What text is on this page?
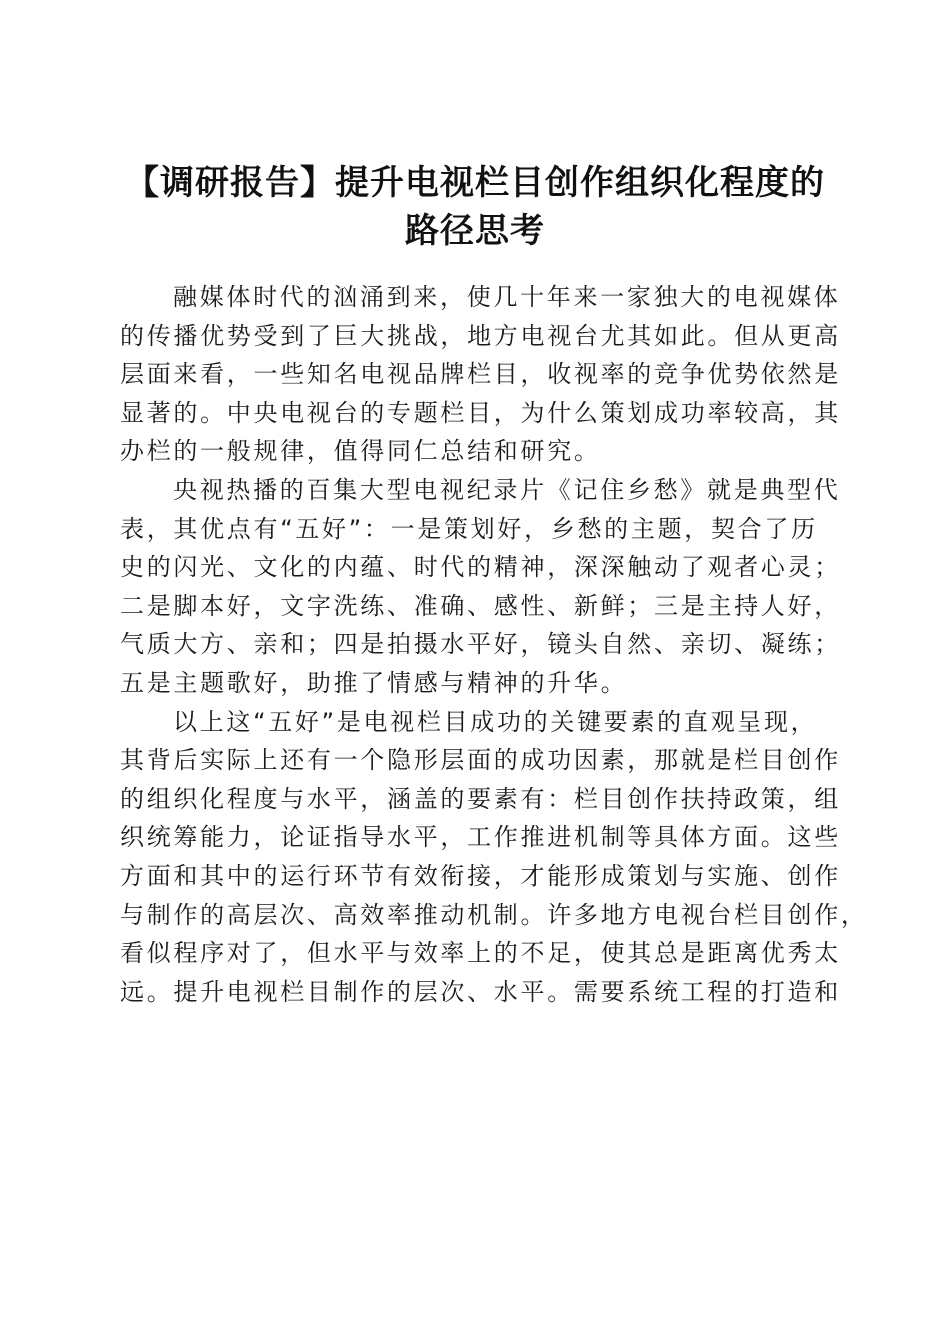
【调研报告】提升电视栏目创作组织化程度的
路径思考

融媒体时代的汹涌到来，使几十年来一家独大的电视媒体
的传播优势受到了巨大挑战，地方电视台尤其如此。但从更高
层面来看，一些知名电视品牌栏目，收视率的竞争优势依然是
显著的。中央电视台的专题栏目，为什么策划成功率较高，其
办栏的一般规律，值得同仁总结和研究。

央视热播的百集大型电视纪录片《记住乡愁》就是典型代
表，其优点有“五好”：一是策划好，乡愁的主题，契合了历
史的闪光、文化的内蕴、时代的精神，深深触动了观者心灵；
二是脚本好，文字洗练、准确、感性、新鲜；三是主持人好，
气质大方、亲和；四是拍摄水平好，镜头自然、亲切、凝练；
五是主题歌好，助推了情感与精神的升华。

以上这“五好”是电视栏目成功的关键要素的直观呈现，
其背后实际上还有一个隐形层面的成功因素，那就是栏目创作
的组织化程度与水平，涵盖的要素有：栏目创作扶持政策，组
织统筹能力，论证指导水平，工作推进机制等具体方面。这些
方面和其中的运行环节有效衔接，才能形成策划与实施、创作
与制作的高层次、高效率推动机制。许多地方电视台栏目创作，
看似程序对了，但水平与效率上的不足，使其总是距离优秀太
远。提升电视栏目制作的层次、水平。需要系统工程的打造和
